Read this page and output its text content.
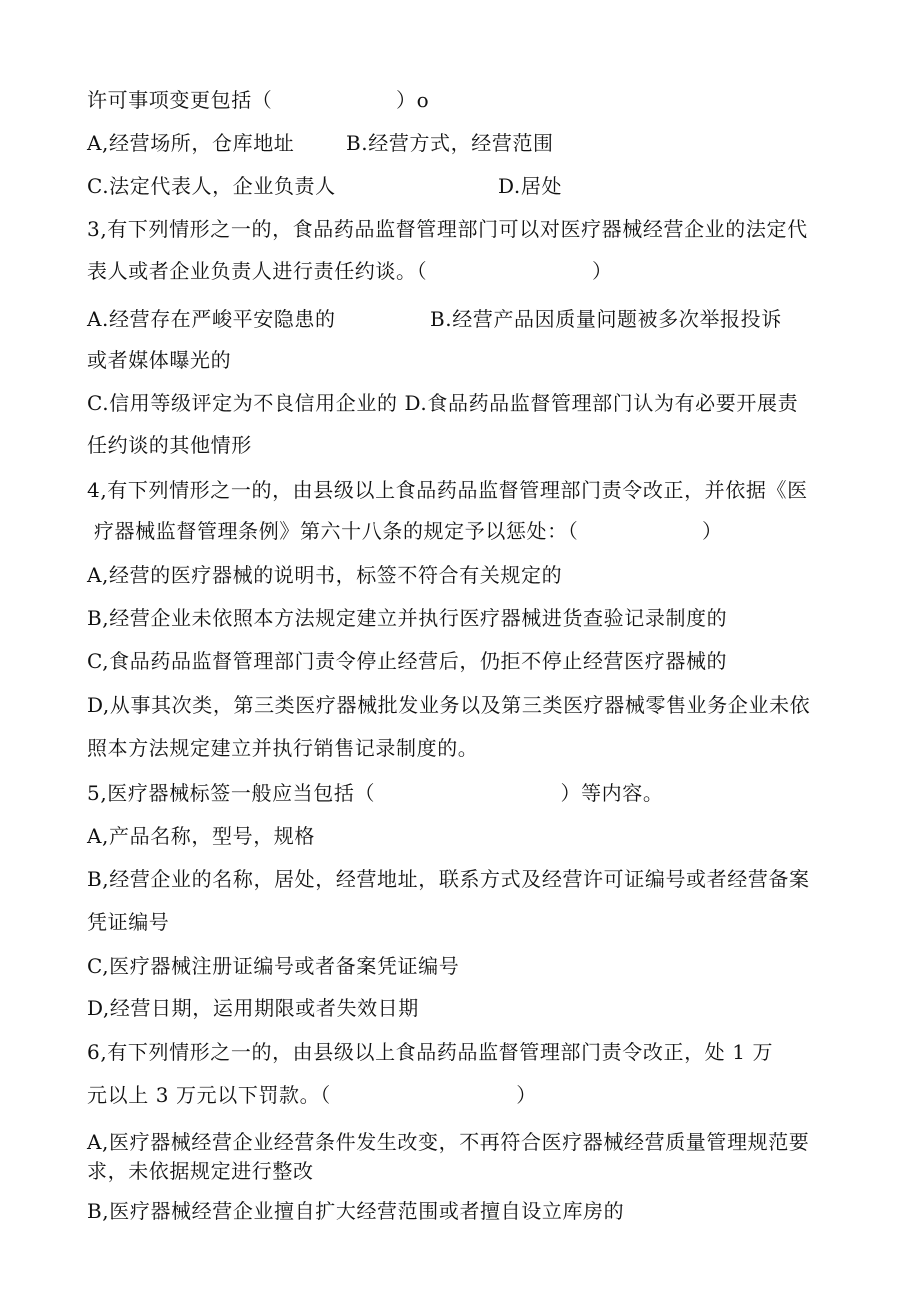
许可事项变更包括（　　　　　　）o
A,经营场所，仓库地址	B.经营方式，经营范围
C.法定代表人，企业负责人	D.居处
3,有下列情形之一的，食品药品监督管理部门可以对医疗器械经营企业的法定代
表人或者企业负责人进行责任约谈。（　　　　　　　　）
A.经营存在严峻平安隐患的	B.经营产品因质量问题被多次举报投诉
或者媒体曝光的
C.信用等级评定为不良信用企业的 D.食品药品监督管理部门认为有必要开展责
任约谈的其他情形
4,有下列情形之一的，由县级以上食品药品监督管理部门责令改正，并依据《医
疗器械监督管理条例》第六十八条的规定予以惩处：（　　　　　　）
A,经营的医疗器械的说明书，标签不符合有关规定的
B,经营企业未依照本方法规定建立并执行医疗器械进货查验记录制度的
C,食品药品监督管理部门责令停止经营后，仍拒不停止经营医疗器械的
D,从事其次类，第三类医疗器械批发业务以及第三类医疗器械零售业务企业未依
照本方法规定建立并执行销售记录制度的。
5,医疗器械标签一般应当包括（　　　　　　　　　）等内容。
A,产品名称，型号，规格
B,经营企业的名称，居处，经营地址，联系方式及经营许可证编号或者经营备案
凭证编号
C,医疗器械注册证编号或者备案凭证编号
D,经营日期，运用期限或者失效日期
6,有下列情形之一的，由县级以上食品药品监督管理部门责令改正，处 1 万
元以上 3 万元以下罚款。（　　　　　　　　　）
A,医疗器械经营企业经营条件发生改变，不再符合医疗器械经营质量管理规范要
求，未依据规定进行整改
B,医疗器械经营企业擅自扩大经营范围或者擅自设立库房的
